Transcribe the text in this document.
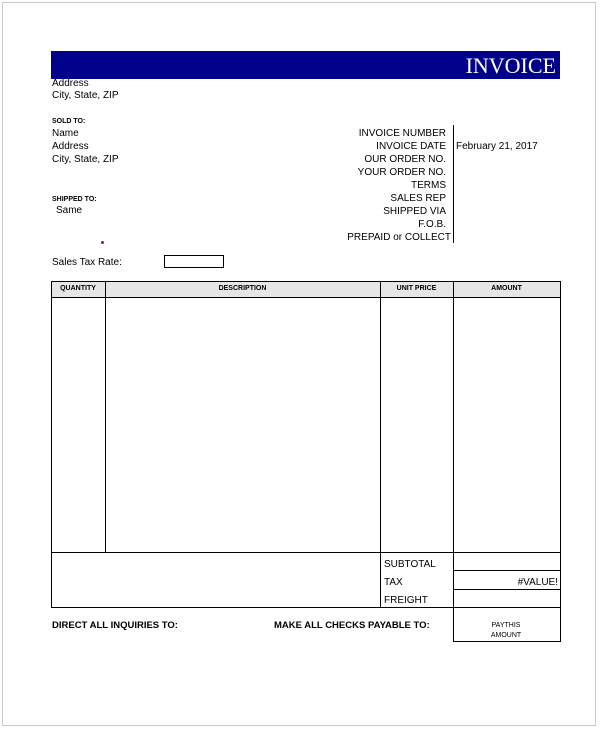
INVOICE
Address
City, State, ZIP
SOLD TO:
Name
Address
City, State, ZIP
SHIPPED TO:
Same
INVOICE NUMBER
INVOICE DATE February 21, 2017
OUR ORDER NO.
YOUR ORDER NO.
TERMS
SALES REP
SHIPPED VIA
F.O.B.
PREPAID or COLLECT
Sales Tax Rate:
QUANTITY	DESCRIPTION	UNIT PRICE	AMOUNT
SUBTOTAL
TAX	#VALUE!
FREIGHT
DIRECT ALL INQUIRIES TO:	MAKE ALL CHECKS PAYABLE TO:	PAYTHIS
AMOUNT
